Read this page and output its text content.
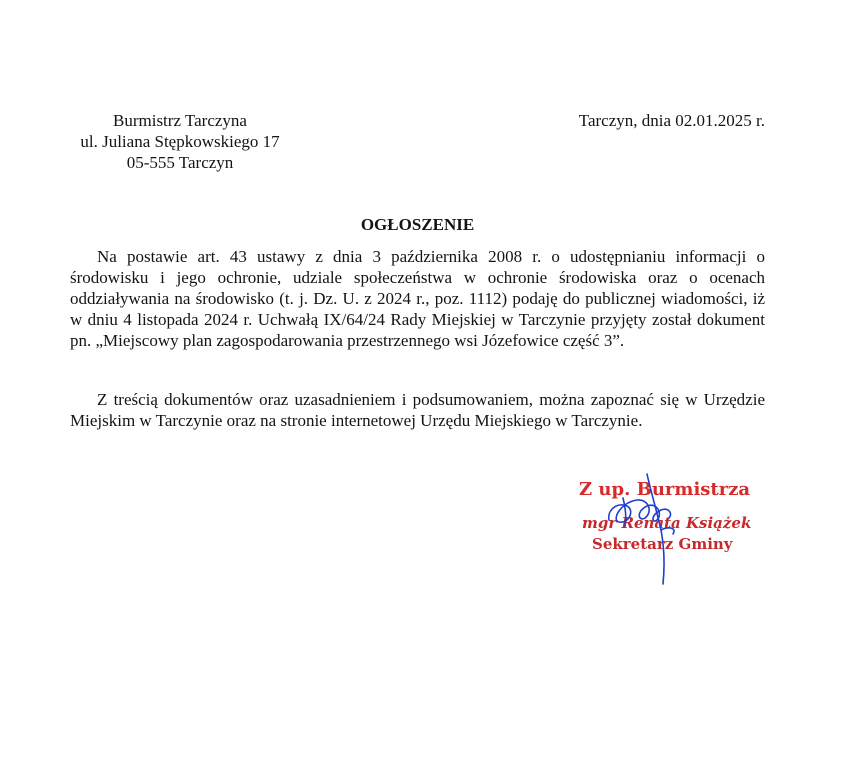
Burmistrz Tarczyna
ul. Juliana Stępkowskiego 17
05-555 Tarczyn
Tarczyn, dnia 02.01.2025 r.
OGŁOSZENIE

Na postawie art. 43 ustawy z dnia 3 października 2008 r. o udostępnianiu informacji o środowisku i jego ochronie, udziale społeczeństwa w ochronie środowiska oraz o ocenach oddziaływania na środowisko (t. j. Dz. U. z 2024 r., poz. 1112) podaję do publicznej wiadomości, iż w dniu 4 listopada 2024 r. Uchwałą IX/64/24 Rady Miejskiej w Tarczynie przyjęty został dokument pn. „Miejscowy plan zagospodarowania przestrzennego wsi Józefowice część 3”.

Z treścią dokumentów oraz uzasadnieniem i podsumowaniem, można zapoznać się w Urzędzie Miejskim w Tarczynie oraz na stronie internetowej Urzędu Miejskiego w Tarczynie.

Z up. Burmistrza
mgr Renata Książek
Sekretarz Gminy
